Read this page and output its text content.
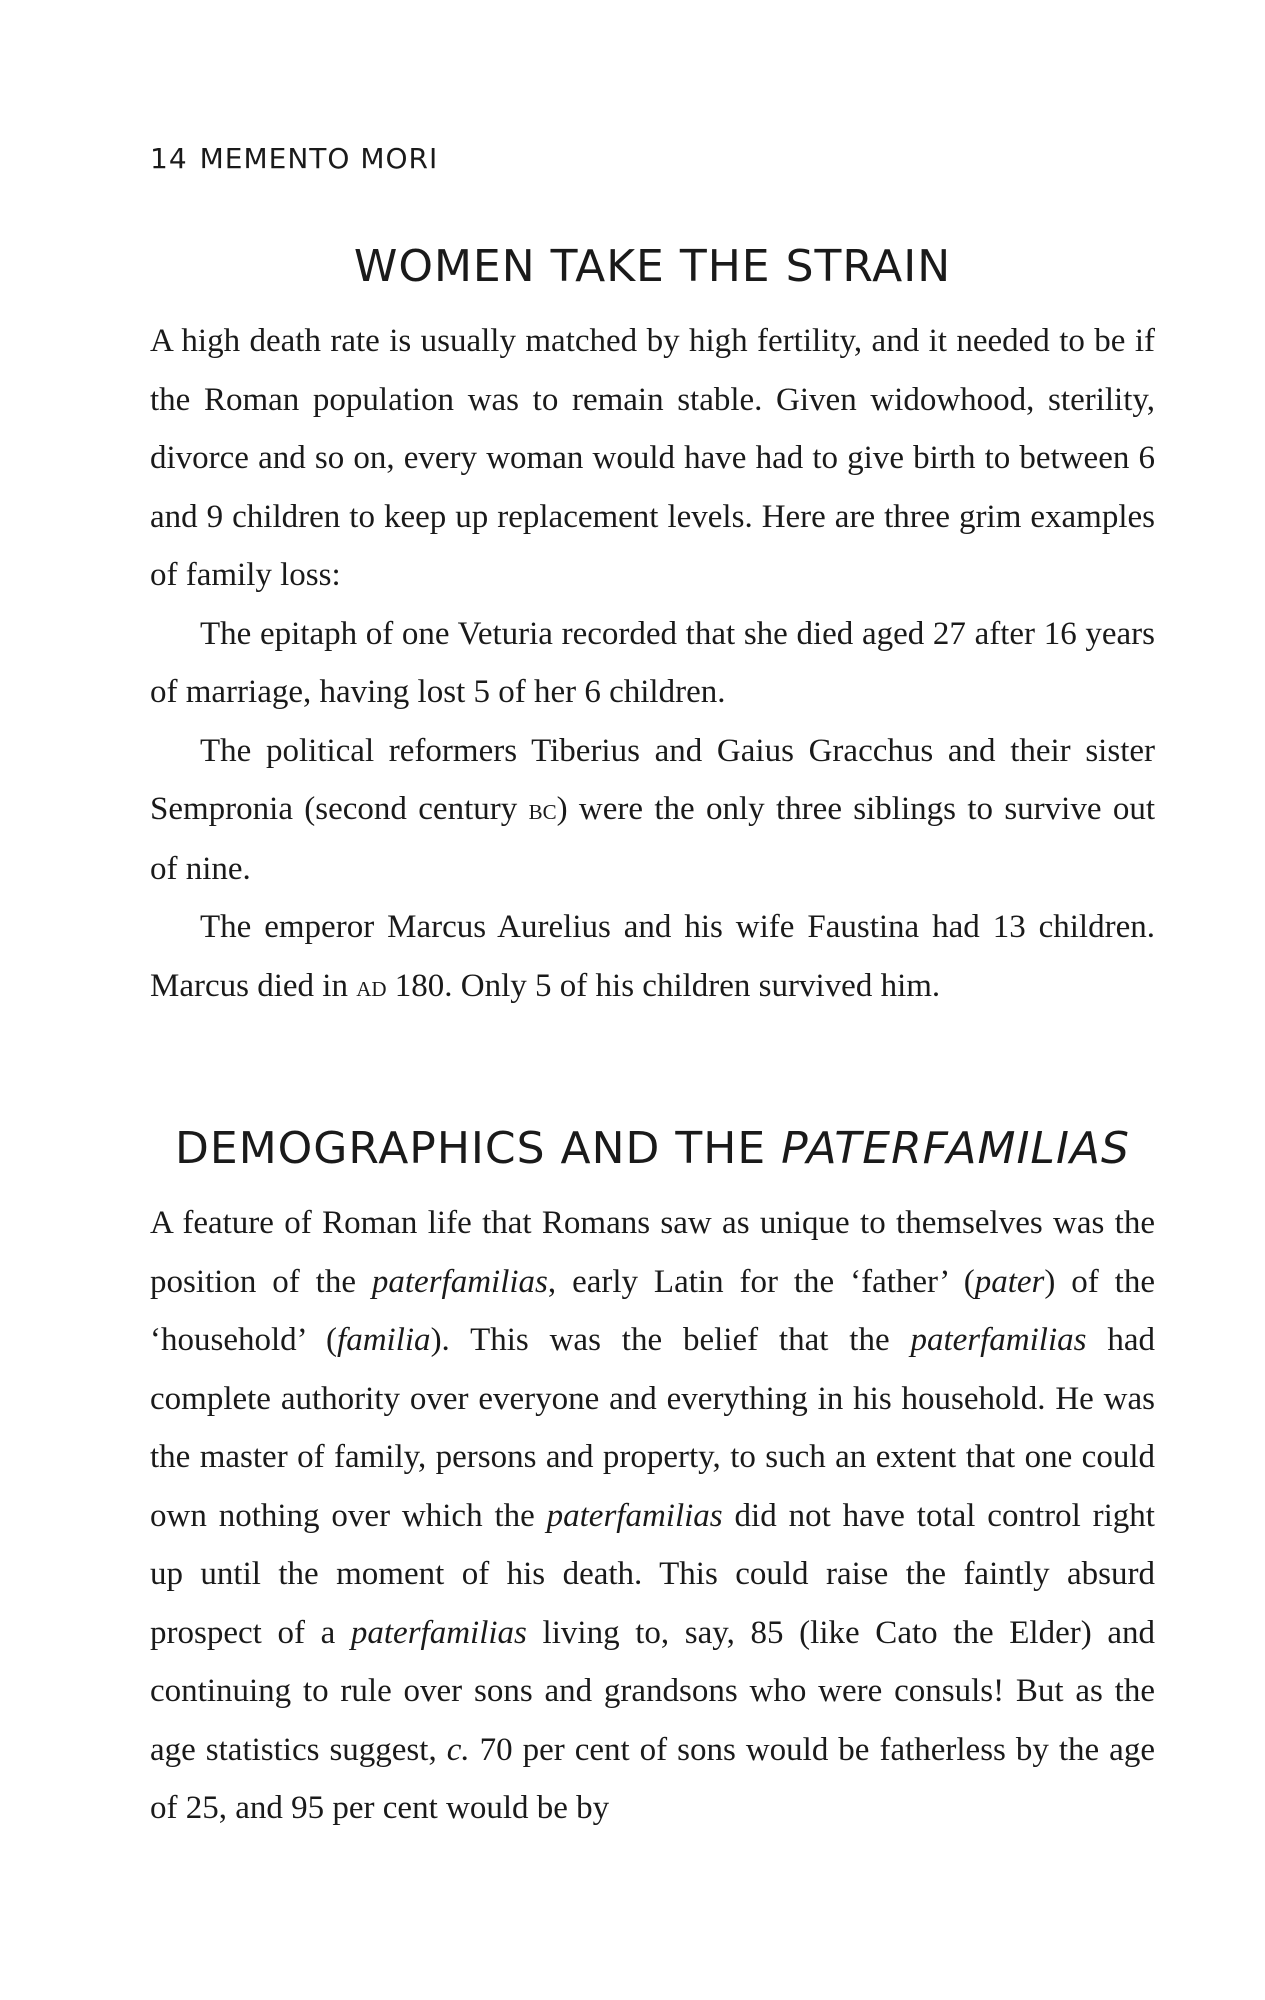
14 MEMENTO MORI
WOMEN TAKE THE STRAIN

A high death rate is usually matched by high fertility, and it needed to be if the Roman population was to remain stable. Given widowhood, sterility, divorce and so on, every woman would have had to give birth to between 6 and 9 children to keep up replacement levels. Here are three grim examples of family loss:

The epitaph of one Veturia recorded that she died aged 27 after 16 years of marriage, having lost 5 of her 6 children.

The political reformers Tiberius and Gaius Gracchus and their sister Sempronia (second century bc) were the only three siblings to survive out of nine.

The emperor Marcus Aurelius and his wife Faustina had 13 children. Marcus died in ad 180. Only 5 of his children survived him.

DEMOGRAPHICS AND THE PATERFAMILIAS

A feature of Roman life that Romans saw as unique to themselves was the position of the paterfamilias, early Latin for the ‘father’ (pater) of the ‘household’ (familia). This was the belief that the paterfamilias had complete authority over everyone and everything in his household. He was the master of family, persons and property, to such an extent that one could own nothing over which the paterfamilias did not have total control right up until the moment of his death. This could raise the faintly absurd prospect of a paterfamilias living to, say, 85 (like Cato the Elder) and continuing to rule over sons and grandsons who were consuls! But as the age statistics suggest, c. 70 per cent of sons would be fatherless by the age of 25, and 95 per cent would be by
